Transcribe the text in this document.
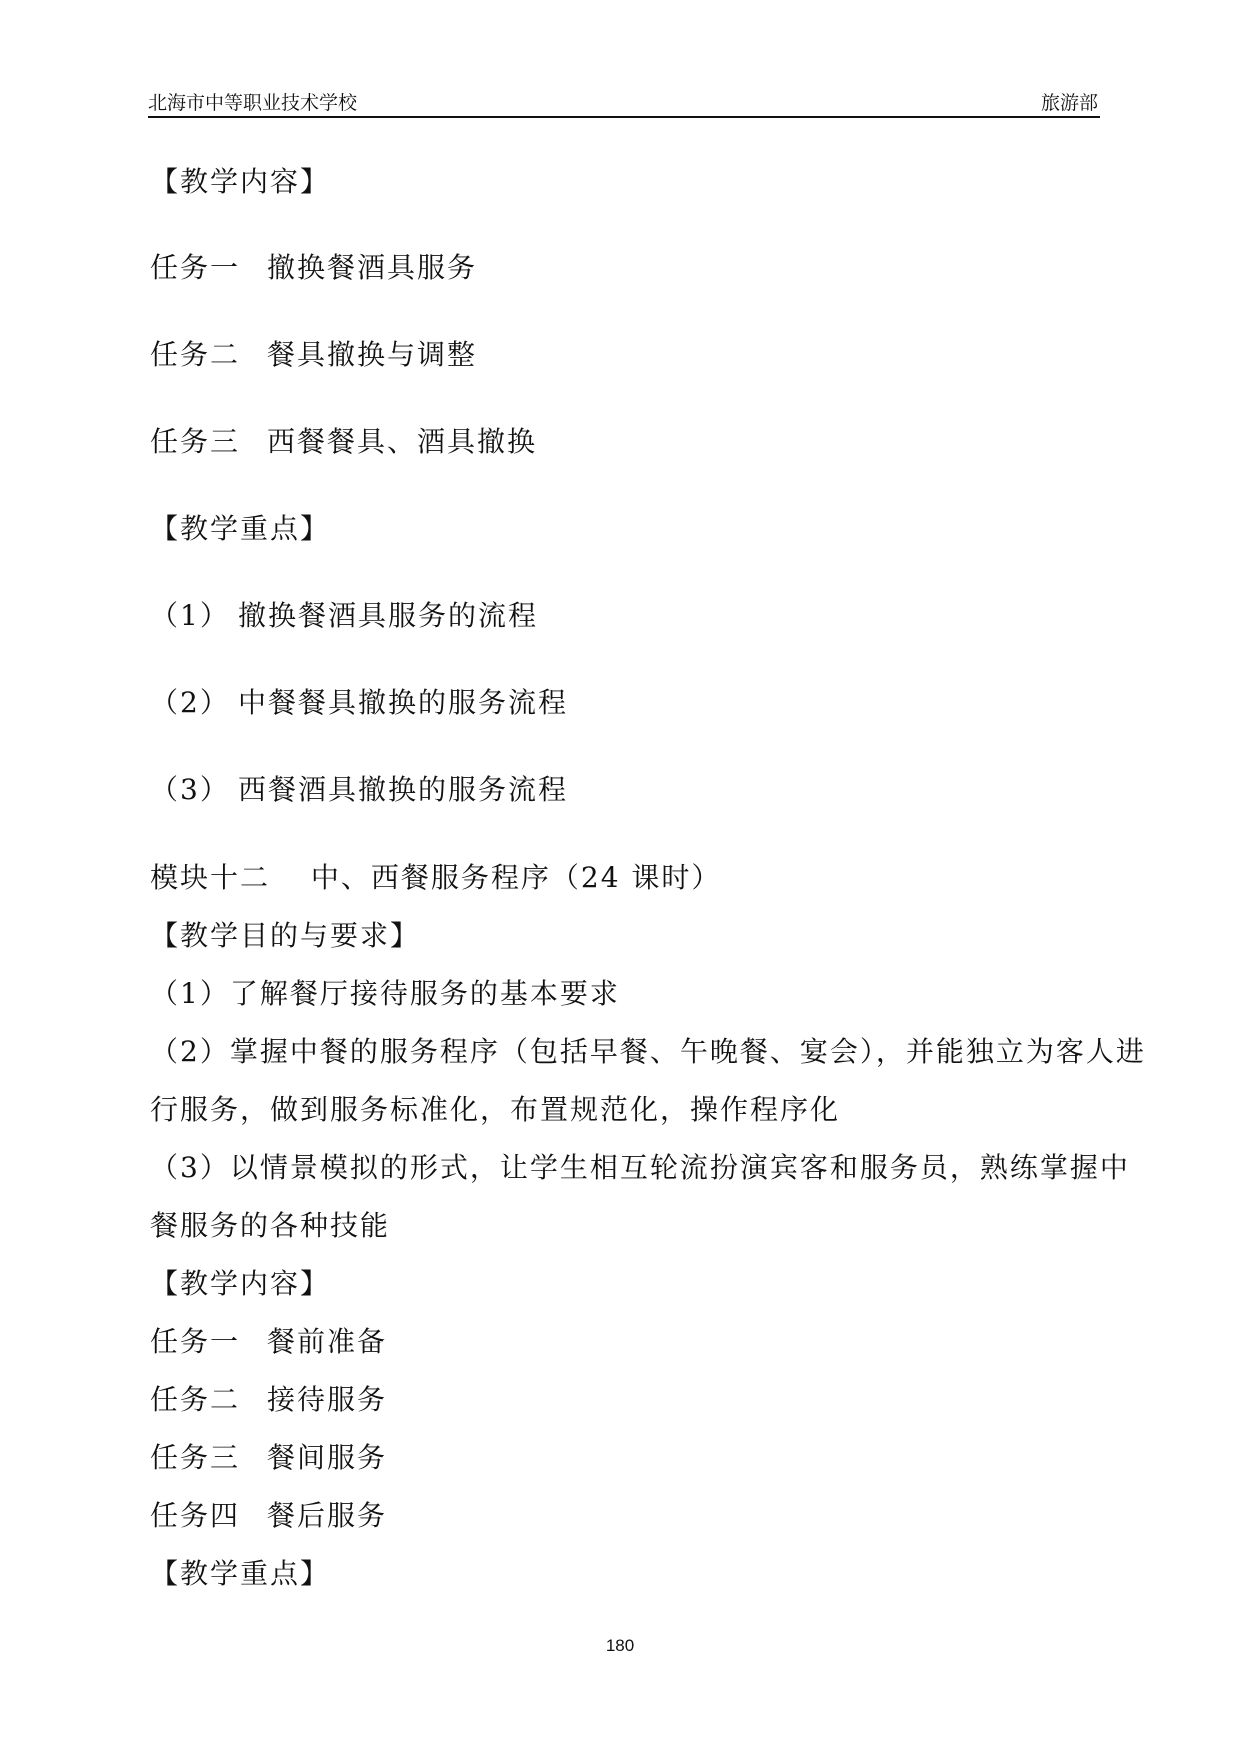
北海市中等职业技术学校	旅游部
【教学内容】
任务一 撤换餐酒具服务
任务二 餐具撤换与调整
任务三 西餐餐具、酒具撤换
【教学重点】
（1） 撤换餐酒具服务的流程
（2） 中餐餐具撤换的服务流程
（3） 西餐酒具撤换的服务流程
模块十二　 中、西餐服务程序（24 课时）
【教学目的与要求】
（1）了解餐厅接待服务的基本要求
（2）掌握中餐的服务程序（包括早餐、午晚餐、宴会），并能独立为客人进
行服务，做到服务标准化，布置规范化，操作程序化
（3）以情景模拟的形式，让学生相互轮流扮演宾客和服务员，熟练掌握中
餐服务的各种技能
【教学内容】
任务一 餐前准备
任务二 接待服务
任务三 餐间服务
任务四 餐后服务
【教学重点】
180
